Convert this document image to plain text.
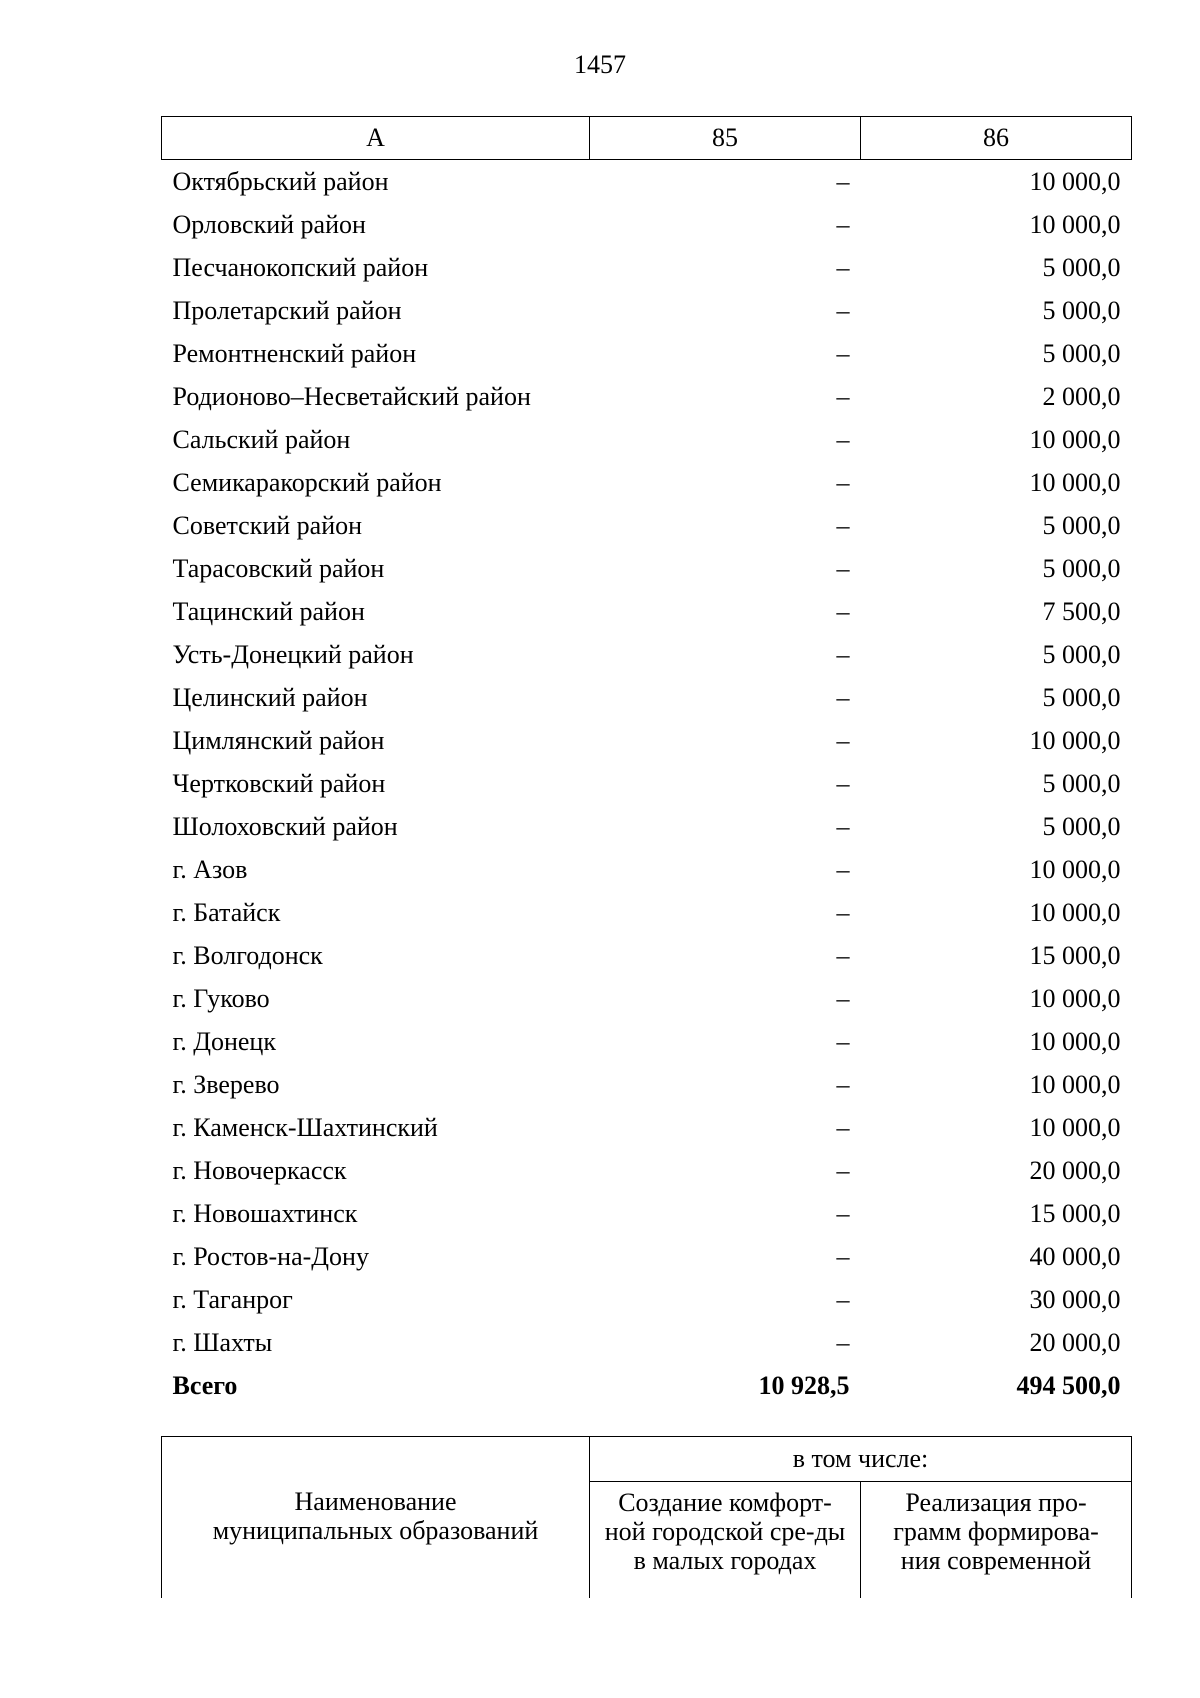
1457
А	85	86
Октябрьский район	–	10 000,0
Орловский район	–	10 000,0
Песчанокопский район	–	5 000,0
Пролетарский район	–	5 000,0
Ремонтненский район	–	5 000,0
Родионово–Несветайский район	–	2 000,0
Сальский район	–	10 000,0
Семикаракорский район	–	10 000,0
Советский район	–	5 000,0
Тарасовский район	–	5 000,0
Тацинский район	–	7 500,0
Усть-Донецкий район	–	5 000,0
Целинский район	–	5 000,0
Цимлянский район	–	10 000,0
Чертковский район	–	5 000,0
Шолоховский район	–	5 000,0
г. Азов	–	10 000,0
г. Батайск	–	10 000,0
г. Волгодонск	–	15 000,0
г. Гуково	–	10 000,0
г. Донецк	–	10 000,0
г. Зверево	–	10 000,0
г. Каменск-Шахтинский	–	10 000,0
г. Новочеркасск	–	20 000,0
г. Новошахтинск	–	15 000,0
г. Ростов-на-Дону	–	40 000,0
г. Таганрог	–	30 000,0
г. Шахты	–	20 000,0
Всего	10 928,5	494 500,0
Наименование муниципальных образований	в том числе:	

	Создание комфорт-ной городской сре-ды в малых городах	Реализация про-грамм формирова-ния современной
